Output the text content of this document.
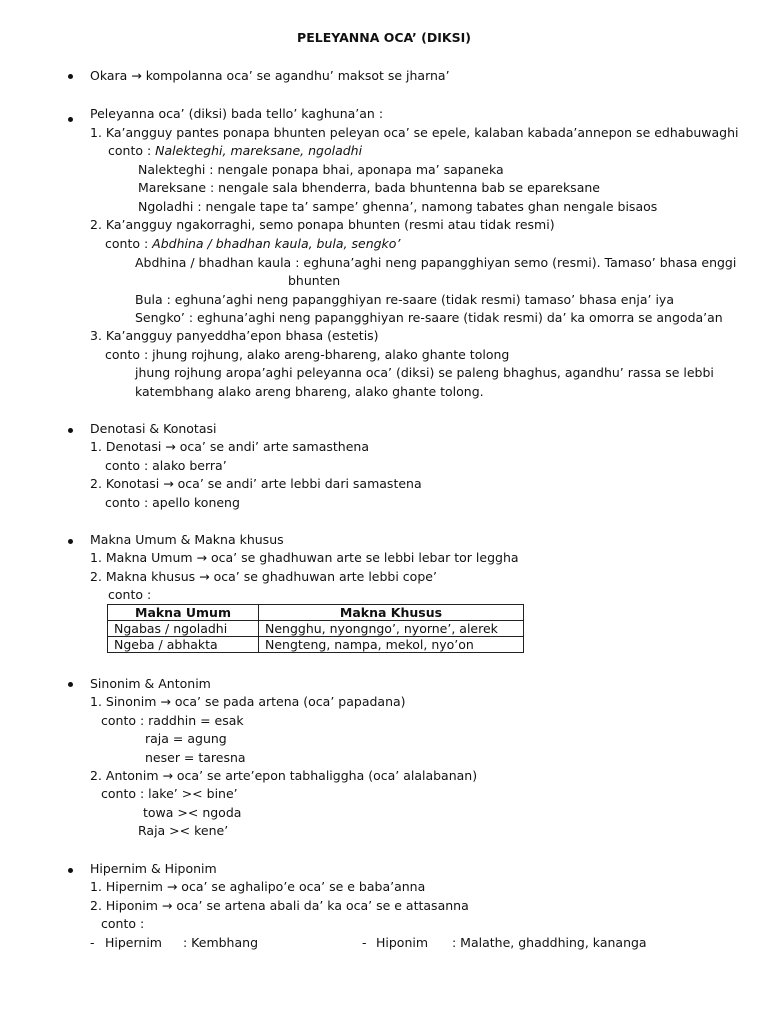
PELEYANNA OCA’ (DIKSI)
Okara → kompolanna oca’ se agandhu’ maksot se jharna’
Peleyanna oca’ (diksi) bada tello’ kaghuna’an :
1. Ka’angguy pantes ponapa bhunten peleyan oca’ se epele, kalaban kabada’annepon se edhabuwaghi
conto : Nalekteghi, mareksane, ngoladhi
Nalekteghi : nengale ponapa bhai, aponapa ma’ sapaneka
Mareksane : nengale sala bhenderra, bada bhuntenna bab se epareksane
Ngoladhi : nengale tape ta’ sampe’ ghenna’, namong tabates ghan nengale bisaos
2. Ka’angguy ngakorraghi, semo ponapa bhunten (resmi atau tidak resmi)
conto : Abdhina / bhadhan kaula, bula, sengko’
Abdhina / bhadhan kaula : eghuna’aghi neng papangghiyan semo (resmi). Tamaso’ bhasa enggi
bhunten
Bula : eghuna’aghi neng papangghiyan re-saare (tidak resmi) tamaso’ bhasa enja’ iya
Sengko’ : eghuna’aghi neng papangghiyan re-saare (tidak resmi) da’ ka omorra se angoda’an
3. Ka’angguy panyeddha’epon bhasa (estetis)
conto : jhung rojhung, alako areng-bhareng, alako ghante tolong
jhung rojhung aropa’aghi peleyanna oca’ (diksi) se paleng bhaghus, agandhu’ rassa se lebbi
katembhang alako areng bhareng, alako ghante tolong.
Denotasi & Konotasi
1. Denotasi → oca’ se andi’ arte samasthena
conto : alako berra’
2. Konotasi → oca’ se andi’ arte lebbi dari samastena
conto : apello koneng
Makna Umum & Makna khusus
1. Makna Umum → oca’ se ghadhuwan arte se lebbi lebar tor leggha
2. Makna khusus → oca’ se ghadhuwan arte lebbi cope’
conto :
Makna Umum	Makna Khusus
Ngabas / ngoladhi	Nengghu, nyongngo’, nyorne’, alerek
Ngeba / abhakta	Nengteng, nampa, mekol, nyo’on
Sinonim & Antonim
1. Sinonim → oca’ se pada artena (oca’ papadana)
conto : raddhin = esak
raja = agung
neser = taresna
2. Antonim → oca’ se arte’epon tabhaliggha (oca’ alalabanan)
conto : lake’ >< bine’
towa >< ngoda
Raja >< kene’
Hipernim & Hiponim
1. Hipernim → oca’ se aghalipo’e oca’ se e baba’anna
2. Hiponim → oca’ se artena abali da’ ka oca’ se e attasanna
conto :
- Hipernim : Kembhang	- Hiponim : Malathe, ghaddhing, kananga
